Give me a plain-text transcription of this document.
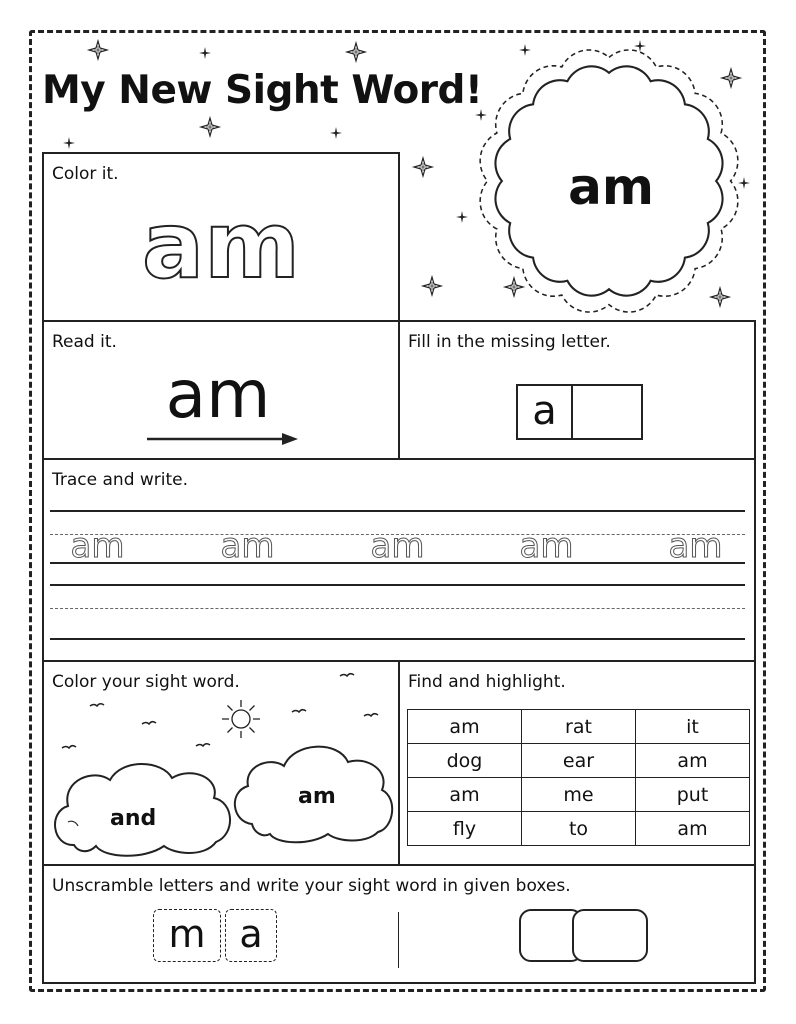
My New Sight Word!
am
Color it.
am
Read it.
am
Fill in the missing letter.
a
Trace and write.
am	am	am	am	am
Color your sight word.
and
am
Find and highlight.
am	rat	it
dog	ear	am
am	me	put
fly	to	am
Unscramble letters and write your sight word in given boxes.
m a
